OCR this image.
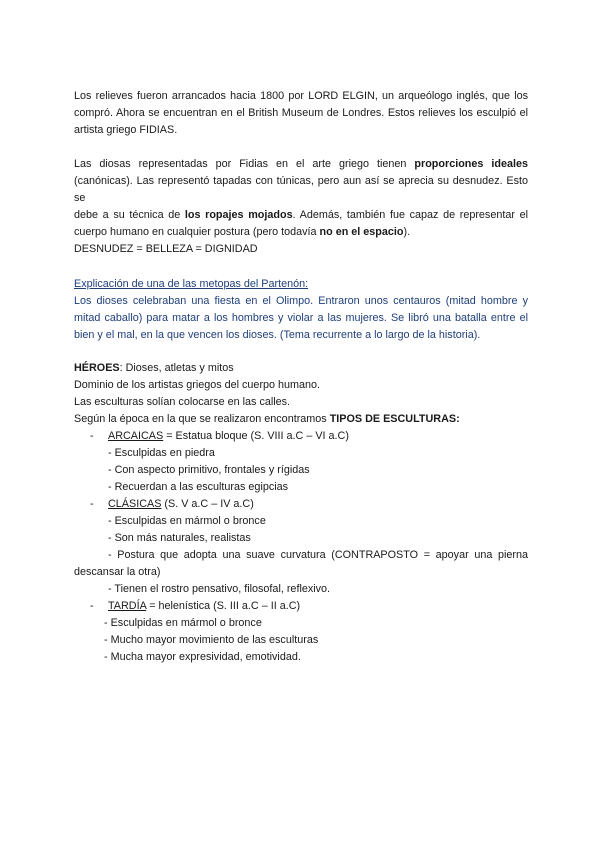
Los relieves fueron arrancados hacia 1800 por LORD ELGIN, un arqueólogo inglés, que los
compró. Ahora se encuentran en el British Museum de Londres. Estos relieves los esculpió el
artista griego FIDIAS.
Las diosas representadas por Fidias en el arte griego tienen proporciones ideales
(canónicas). Las representó tapadas con túnicas, pero aun así se aprecia su desnudez. Esto se
debe a su técnica de los ropajes mojados. Además, también fue capaz de representar el
cuerpo humano en cualquier postura (pero todavía no en el espacio).
DESNUDEZ = BELLEZA = DIGNIDAD
Explicación de una de las metopas del Partenón:
Los dioses celebraban una fiesta en el Olimpo. Entraron unos centauros (mitad hombre y
mitad caballo) para matar a los hombres y violar a las mujeres. Se libró una batalla entre el
bien y el mal, en la que vencen los dioses. (Tema recurrente a lo largo de la historia).
HÉROES: Dioses, atletas y mitos
Dominio de los artistas griegos del cuerpo humano.
Las esculturas solían colocarse en las calles.
Según la época en la que se realizaron encontramos TIPOS DE ESCULTURAS:
- ARCAICAS = Estatua bloque (S. VIII a.C – VI a.C)
- Esculpidas en piedra
- Con aspecto primitivo, frontales y rígidas
- Recuerdan a las esculturas egipcias
- CLÁSICAS (S. V a.C – IV a.C)
- Esculpidas en mármol o bronce
- Son más naturales, realistas
- Postura que adopta una suave curvatura (CONTRAPOSTO = apoyar una pierna
descansar la otra)
- Tienen el rostro pensativo, filosofal, reflexivo.
- TARDÍA = helenística (S. III a.C – II a.C)
- Esculpidas en mármol o bronce
- Mucho mayor movimiento de las esculturas
- Mucha mayor expresividad, emotividad.
